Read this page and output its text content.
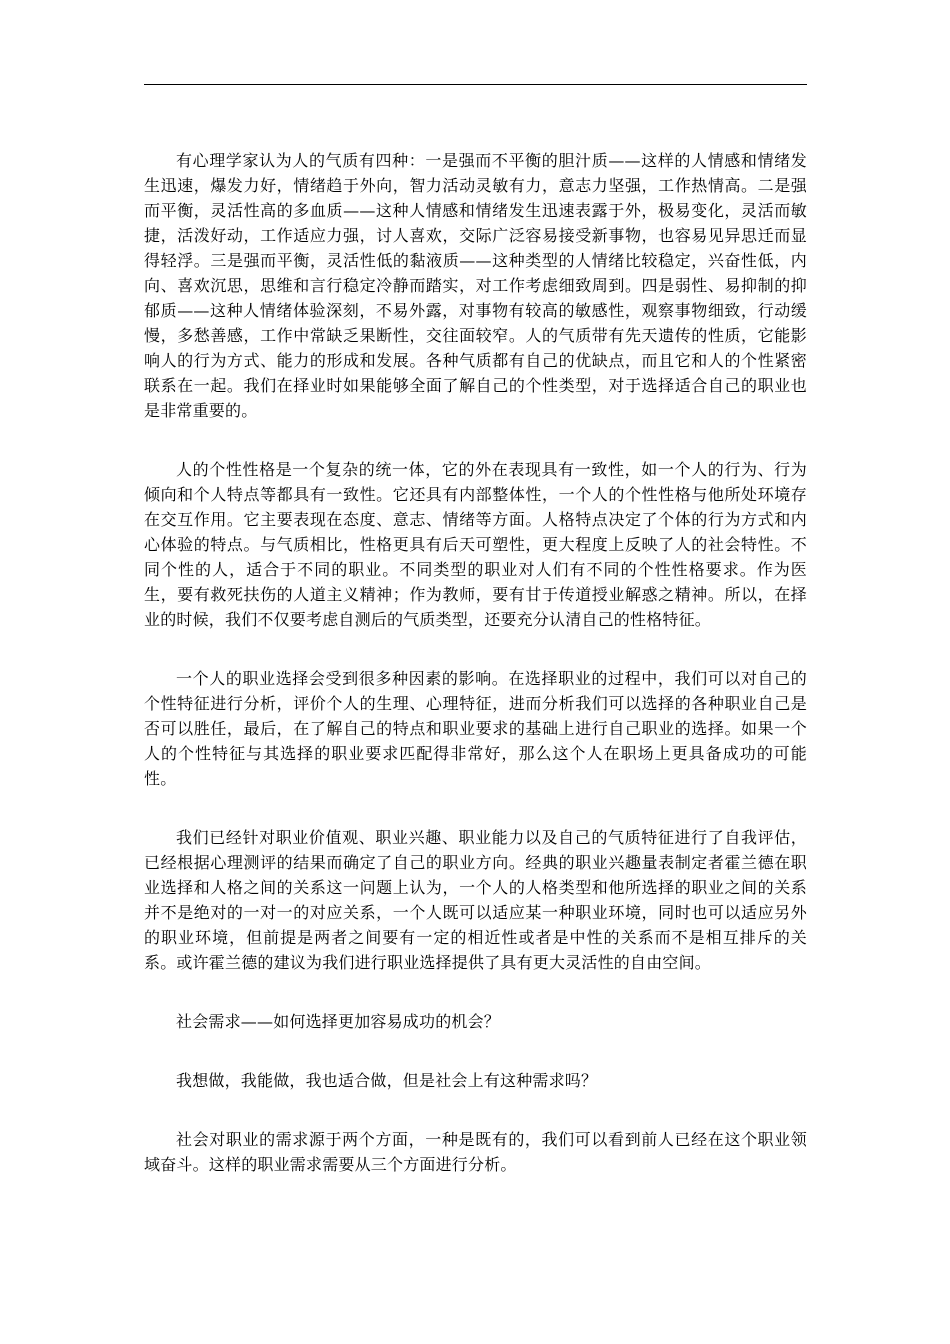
有心理学家认为人的气质有四种：一是强而不平衡的胆汁质——这样的人情感和情绪发生迅速，爆发力好，情绪趋于外向，智力活动灵敏有力，意志力坚强，工作热情高。二是强而平衡，灵活性高的多血质——这种人情感和情绪发生迅速表露于外，极易变化，灵活而敏捷，活泼好动，工作适应力强，讨人喜欢，交际广泛容易接受新事物，也容易见异思迁而显得轻浮。三是强而平衡，灵活性低的黏液质——这种类型的人情绪比较稳定，兴奋性低，内向、喜欢沉思，思维和言行稳定冷静而踏实，对工作考虑细致周到。四是弱性、易抑制的抑郁质——这种人情绪体验深刻，不易外露，对事物有较高的敏感性，观察事物细致，行动缓慢，多愁善感，工作中常缺乏果断性，交往面较窄。人的气质带有先天遗传的性质，它能影响人的行为方式、能力的形成和发展。各种气质都有自己的优缺点，而且它和人的个性紧密联系在一起。我们在择业时如果能够全面了解自己的个性类型，对于选择适合自己的职业也是非常重要的。

人的个性性格是一个复杂的统一体，它的外在表现具有一致性，如一个人的行为、行为倾向和个人特点等都具有一致性。它还具有内部整体性，一个人的个性性格与他所处环境存在交互作用。它主要表现在态度、意志、情绪等方面。人格特点决定了个体的行为方式和内心体验的特点。与气质相比，性格更具有后天可塑性，更大程度上反映了人的社会特性。不同个性的人，适合于不同的职业。不同类型的职业对人们有不同的个性性格要求。作为医生，要有救死扶伤的人道主义精神；作为教师，要有甘于传道授业解惑之精神。所以，在择业的时候，我们不仅要考虑自测后的气质类型，还要充分认清自己的性格特征。

一个人的职业选择会受到很多种因素的影响。在选择职业的过程中，我们可以对自己的个性特征进行分析，评价个人的生理、心理特征，进而分析我们可以选择的各种职业自己是否可以胜任，最后，在了解自己的特点和职业要求的基础上进行自己职业的选择。如果一个人的个性特征与其选择的职业要求匹配得非常好，那么这个人在职场上更具备成功的可能性。

我们已经针对职业价值观、职业兴趣、职业能力以及自己的气质特征进行了自我评估，已经根据心理测评的结果而确定了自己的职业方向。经典的职业兴趣量表制定者霍兰德在职业选择和人格之间的关系这一问题上认为，一个人的人格类型和他所选择的职业之间的关系并不是绝对的一对一的对应关系，一个人既可以适应某一种职业环境，同时也可以适应另外的职业环境，但前提是两者之间要有一定的相近性或者是中性的关系而不是相互排斥的关系。或许霍兰德的建议为我们进行职业选择提供了具有更大灵活性的自由空间。

社会需求——如何选择更加容易成功的机会？

我想做，我能做，我也适合做，但是社会上有这种需求吗？

社会对职业的需求源于两个方面，一种是既有的，我们可以看到前人已经在这个职业领域奋斗。这样的职业需求需要从三个方面进行分析。
